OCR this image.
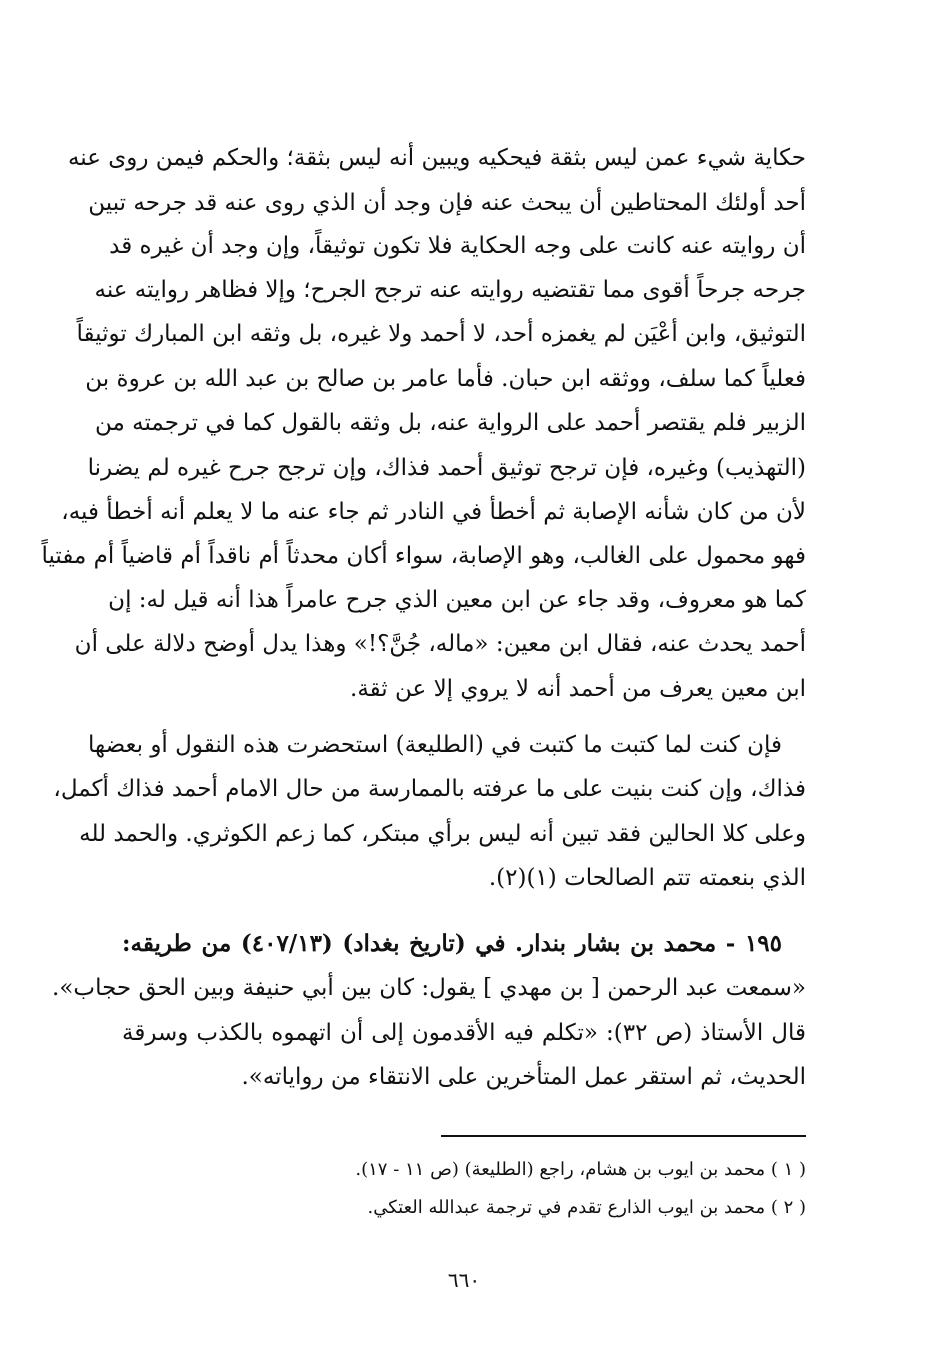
حكاية شيء عمن ليس بثقة فيحكيه ويبين أنه ليس بثقة؛ والحكم فيمن روى عنه
أحد أولئك المحتاطين أن يبحث عنه فإن وجد أن الذي روى عنه قد جرحه تبين
أن روايته عنه كانت على وجه الحكاية فلا تكون توثيقاً، وإن وجد أن غيره قد
جرحه جرحاً أقوى مما تقتضيه روايته عنه ترجح الجرح؛ وإلا فظاهر روايته عنه
التوثيق، وابن أعْيَن لم يغمزه أحد، لا أحمد ولا غيره، بل وثقه ابن المبارك توثيقاً
فعلياً كما سلف، ووثقه ابن حبان. فأما عامر بن صالح بن عبد الله بن عروة بن
الزبير فلم يقتصر أحمد على الرواية عنه، بل وثقه بالقول كما في ترجمته من
(التهذيب) وغيره، فإن ترجح توثيق أحمد فذاك، وإن ترجح جرح غيره لم يضرنا
لأن من كان شأنه الإصابة ثم أخطأ في النادر ثم جاء عنه ما لا يعلم أنه أخطأ فيه،
فهو محمول على الغالب، وهو الإصابة، سواء أكان محدثاً أم ناقداً أم قاضياً أم مفتياً
كما هو معروف، وقد جاء عن ابن معين الذي جرح عامراً هذا أنه قيل له: إن
أحمد يحدث عنه، فقال ابن معين: «ماله، جُنَّ؟!» وهذا يدل أوضح دلالة على أن
ابن معين يعرف من أحمد أنه لا يروي إلا عن ثقة.
فإن كنت لما كتبت ما كتبت في (الطليعة) استحضرت هذه النقول أو بعضها
فذاك، وإن كنت بنيت على ما عرفته بالممارسة من حال الامام أحمد فذاك أكمل،
وعلى كلا الحالين فقد تبين أنه ليس برأي مبتكر، كما زعم الكوثري. والحمد لله
الذي بنعمته تتم الصالحات (١)(٢).
١٩٥ - محمد بن بشار بندار. في (تاريخ بغداد) (٤٠٧/١٣) من طريقه:
«سمعت عبد الرحمن [ بن مهدي ] يقول: كان بين أبي حنيفة وبين الحق حجاب».
قال الأستاذ (ص ٣٢): «تكلم فيه الأقدمون إلى أن اتهموه بالكذب وسرقة
الحديث، ثم استقر عمل المتأخرين على الانتقاء من رواياته».
( ١ ) محمد بن ايوب بن هشام، راجع (الطليعة) (ص ١١ - ١٧).
( ٢ ) محمد بن ايوب الذارع تقدم في ترجمة عبدالله العتكي.
٦٦٠
